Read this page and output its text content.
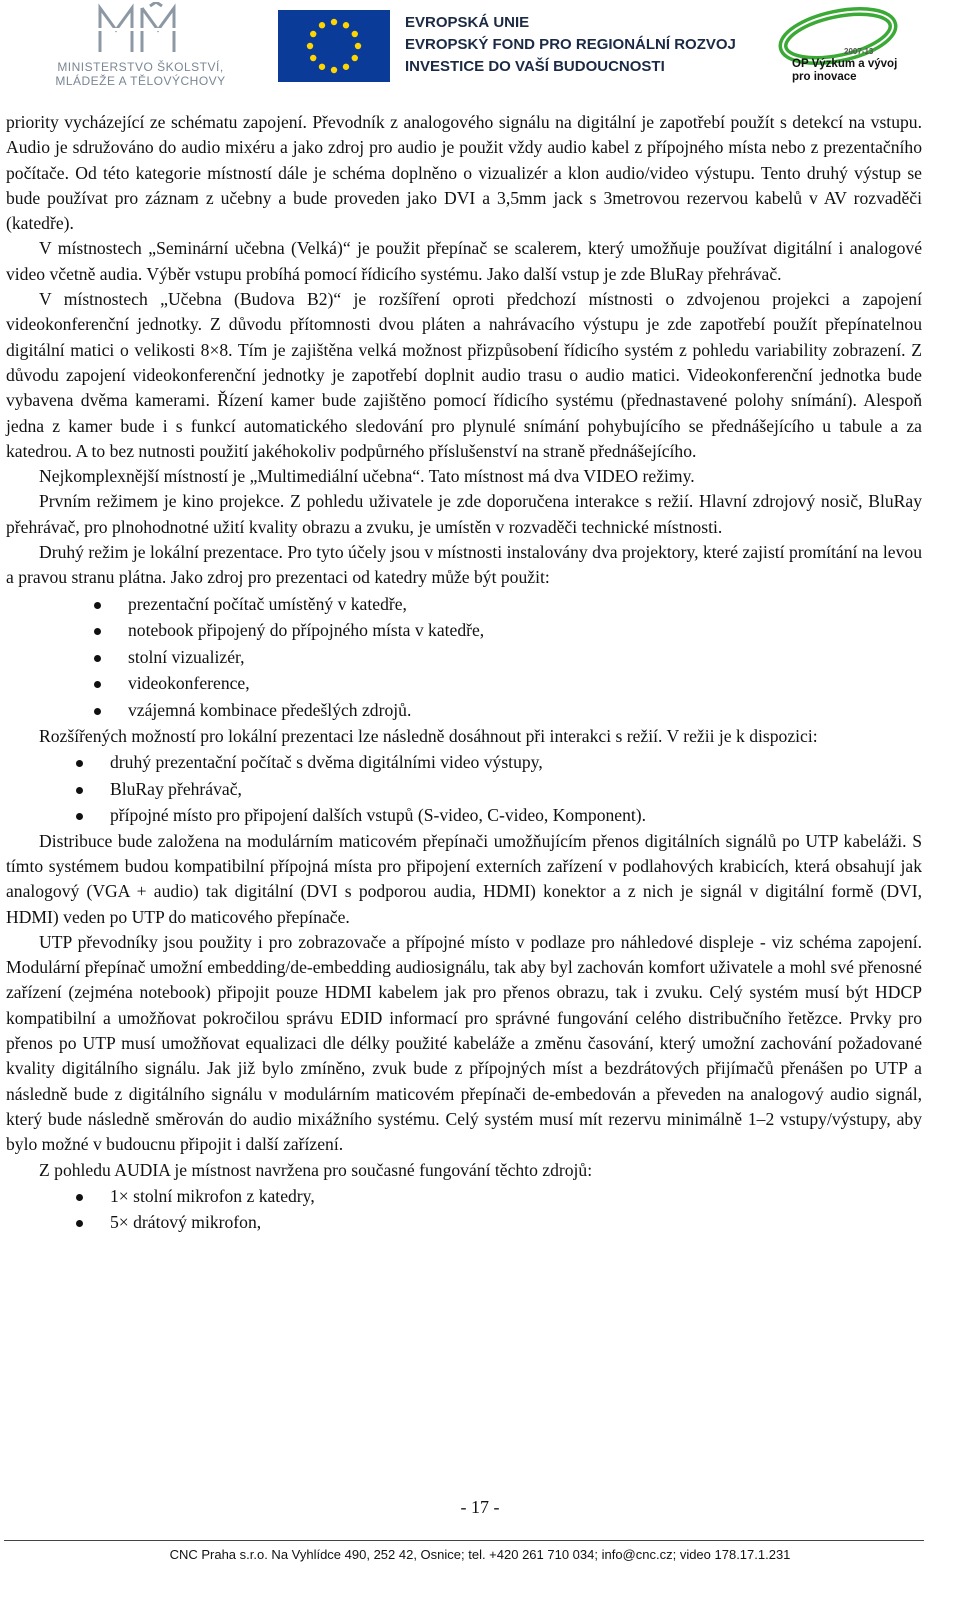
MINISTERSTVO ŠKOLSTVÍ,
MLÁDEŽE A TĚLOVÝCHOVY
EVROPSKÁ UNIE
EVROPSKÝ FOND PRO REGIONÁLNÍ ROZVOJ
INVESTICE DO VAŠÍ BUDOUCNOSTI
2007-13
OP Výzkum a vývoj
pro inovace

priority vycházející ze schématu zapojení. Převodník z analogového signálu na digitální je zapotřebí použít s detekcí na vstupu. Audio je sdružováno do audio mixéru a jako zdroj pro audio je použit vždy audio kabel z přípojného místa nebo z prezentačního počítače. Od této kategorie místností dále je schéma doplněno o vizualizér a klon audio/video výstupu. Tento druhý výstup se bude používat pro záznam z učebny a bude proveden jako DVI a 3,5mm jack s 3metrovou rezervou kabelů v AV rozvaděči (katedře).

V místnostech „Seminární učebna (Velká)“ je použit přepínač se scalerem, který umožňuje používat digitální i analogové video včetně audia. Výběr vstupu probíhá pomocí řídicího systému. Jako další vstup je zde BluRay přehrávač.

V místnostech „Učebna (Budova B2)“ je rozšíření oproti předchozí místnosti o zdvojenou projekci a zapojení videokonferenční jednotky. Z důvodu přítomnosti dvou pláten a nahrávacího výstupu je zde zapotřebí použít přepínatelnou digitální matici o velikosti 8×8. Tím je zajištěna velká možnost přizpůsobení řídicího systém z pohledu variability zobrazení. Z důvodu zapojení videokonferenční jednotky je zapotřebí doplnit audio trasu o audio matici. Videokonferenční jednotka bude vybavena dvěma kamerami. Řízení kamer bude zajištěno pomocí řídicího systému (přednastavené polohy snímání). Alespoň jedna z kamer bude i s funkcí automatického sledování pro plynulé snímání pohybujícího se přednášejícího u tabule a za katedrou. A to bez nutnosti použití jakéhokoliv podpůrného příslušenství na straně přednášejícího.

Nejkomplexnější místností je „Multimediální učebna“. Tato místnost má dva VIDEO režimy.

Prvním režimem je kino projekce. Z pohledu uživatele je zde doporučena interakce s režií. Hlavní zdrojový nosič, BluRay přehrávač, pro plnohodnotné užití kvality obrazu a zvuku, je umístěn v rozvaděči technické místnosti.

Druhý režim je lokální prezentace. Pro tyto účely jsou v místnosti instalovány dva projektory, které zajistí promítání na levou a pravou stranu plátna. Jako zdroj pro prezentaci od katedry může být použit:

prezentační počítač umístěný v katedře,
notebook připojený do přípojného místa v katedře,
stolní vizualizér,
videokonference,
vzájemná kombinace předešlých zdrojů.

Rozšířených možností pro lokální prezentaci lze následně dosáhnout při interakci s režií. V režii je k dispozici:

druhý prezentační počítač s dvěma digitálními video výstupy,
BluRay přehrávač,
přípojné místo pro připojení dalších vstupů (S-video, C-video, Komponent).

Distribuce bude založena na modulárním maticovém přepínači umožňujícím přenos digitálních signálů po UTP kabeláži. S tímto systémem budou kompatibilní přípojná místa pro připojení externích zařízení v podlahových krabicích, která obsahují jak analogový (VGA + audio) tak digitální (DVI s podporou audia, HDMI) konektor a z nich je signál v digitální formě (DVI, HDMI) veden po UTP do maticového přepínače.

UTP převodníky jsou použity i pro zobrazovače a přípojné místo v podlaze pro náhledové displeje - viz schéma zapojení. Modulární přepínač umožní embedding/de-embedding audiosignálu, tak aby byl zachován komfort uživatele a mohl své přenosné zařízení (zejména notebook) připojit pouze HDMI kabelem jak pro přenos obrazu, tak i zvuku. Celý systém musí být HDCP kompatibilní a umožňovat pokročilou správu EDID informací pro správné fungování celého distribučního řetězce. Prvky pro přenos po UTP musí umožňovat equalizaci dle délky použité kabeláže a změnu časování, který umožní zachování požadované kvality digitálního signálu. Jak již bylo zmíněno, zvuk bude z přípojných míst a bezdrátových přijímačů přenášen po UTP a následně bude z digitálního signálu v modulárním maticovém přepínači de-embedován a převeden na analogový audio signál, který bude následně směrován do audio mixážního systému. Celý systém musí mít rezervu minimálně 1–2 vstupy/výstupy, aby bylo možné v budoucnu připojit i další zařízení.

Z pohledu AUDIA je místnost navržena pro současné fungování těchto zdrojů:

1× stolní mikrofon z katedry,
5× drátový mikrofon,
- 17 -
CNC Praha s.r.o. Na Vyhlídce 490, 252 42, Osnice; tel. +420 261 710 034; info@cnc.cz; video 178.17.1.231
